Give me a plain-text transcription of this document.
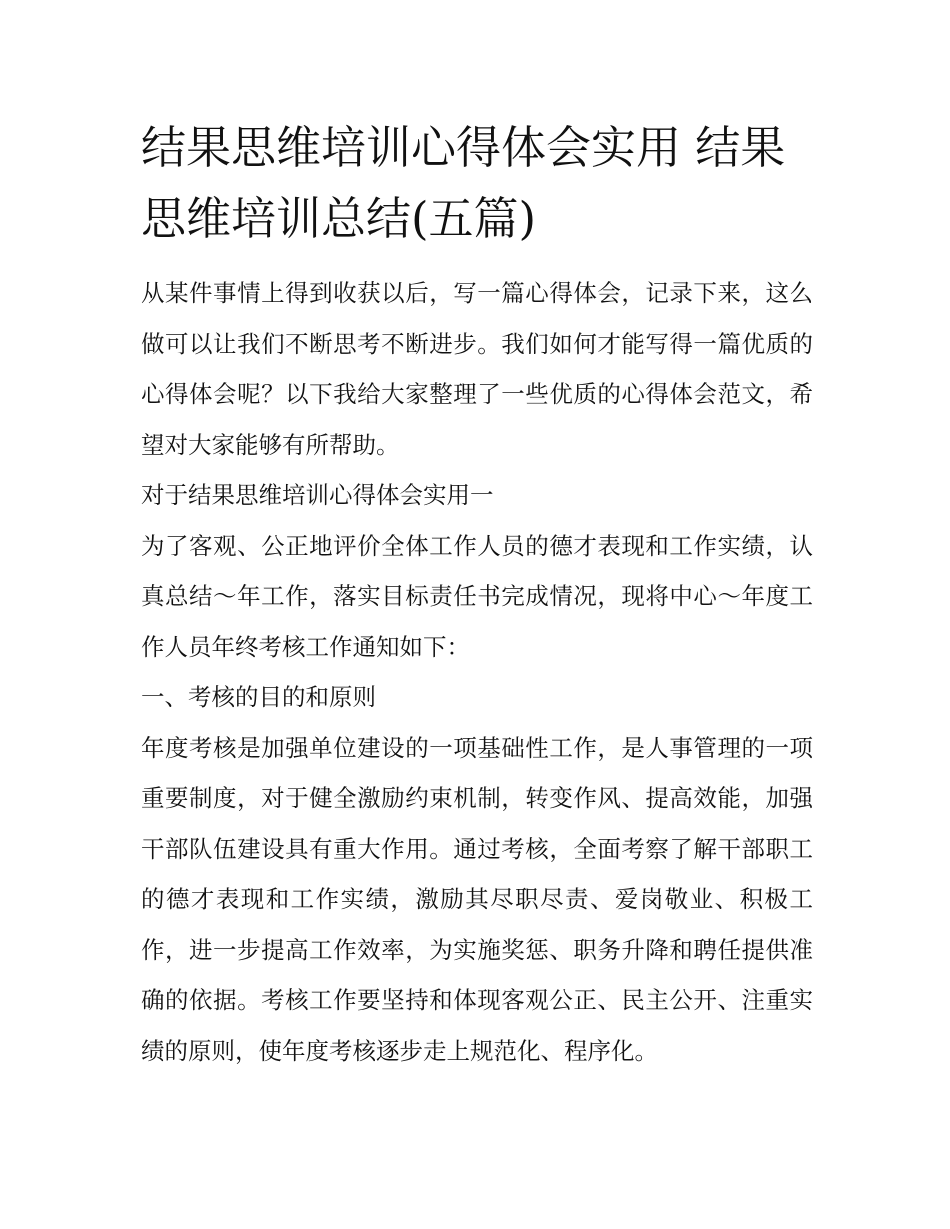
结果思维培训心得体会实用 结果思维培训总结(五篇)

从某件事情上得到收获以后，写一篇心得体会，记录下来，这么做可以让我们不断思考不断进步。我们如何才能写得一篇优质的心得体会呢？以下我给大家整理了一些优质的心得体会范文，希望对大家能够有所帮助。

对于结果思维培训心得体会实用一

为了客观、公正地评价全体工作人员的德才表现和工作实绩，认真总结～年工作，落实目标责任书完成情况，现将中心～年度工作人员年终考核工作通知如下：

一、考核的目的和原则

年度考核是加强单位建设的一项基础性工作，是人事管理的一项重要制度，对于健全激励约束机制，转变作风、提高效能，加强干部队伍建设具有重大作用。通过考核，全面考察了解干部职工的德才表现和工作实绩，激励其尽职尽责、爱岗敬业、积极工作，进一步提高工作效率，为实施奖惩、职务升降和聘任提供准确的依据。考核工作要坚持和体现客观公正、民主公开、注重实绩的原则，使年度考核逐步走上规范化、程序化。
